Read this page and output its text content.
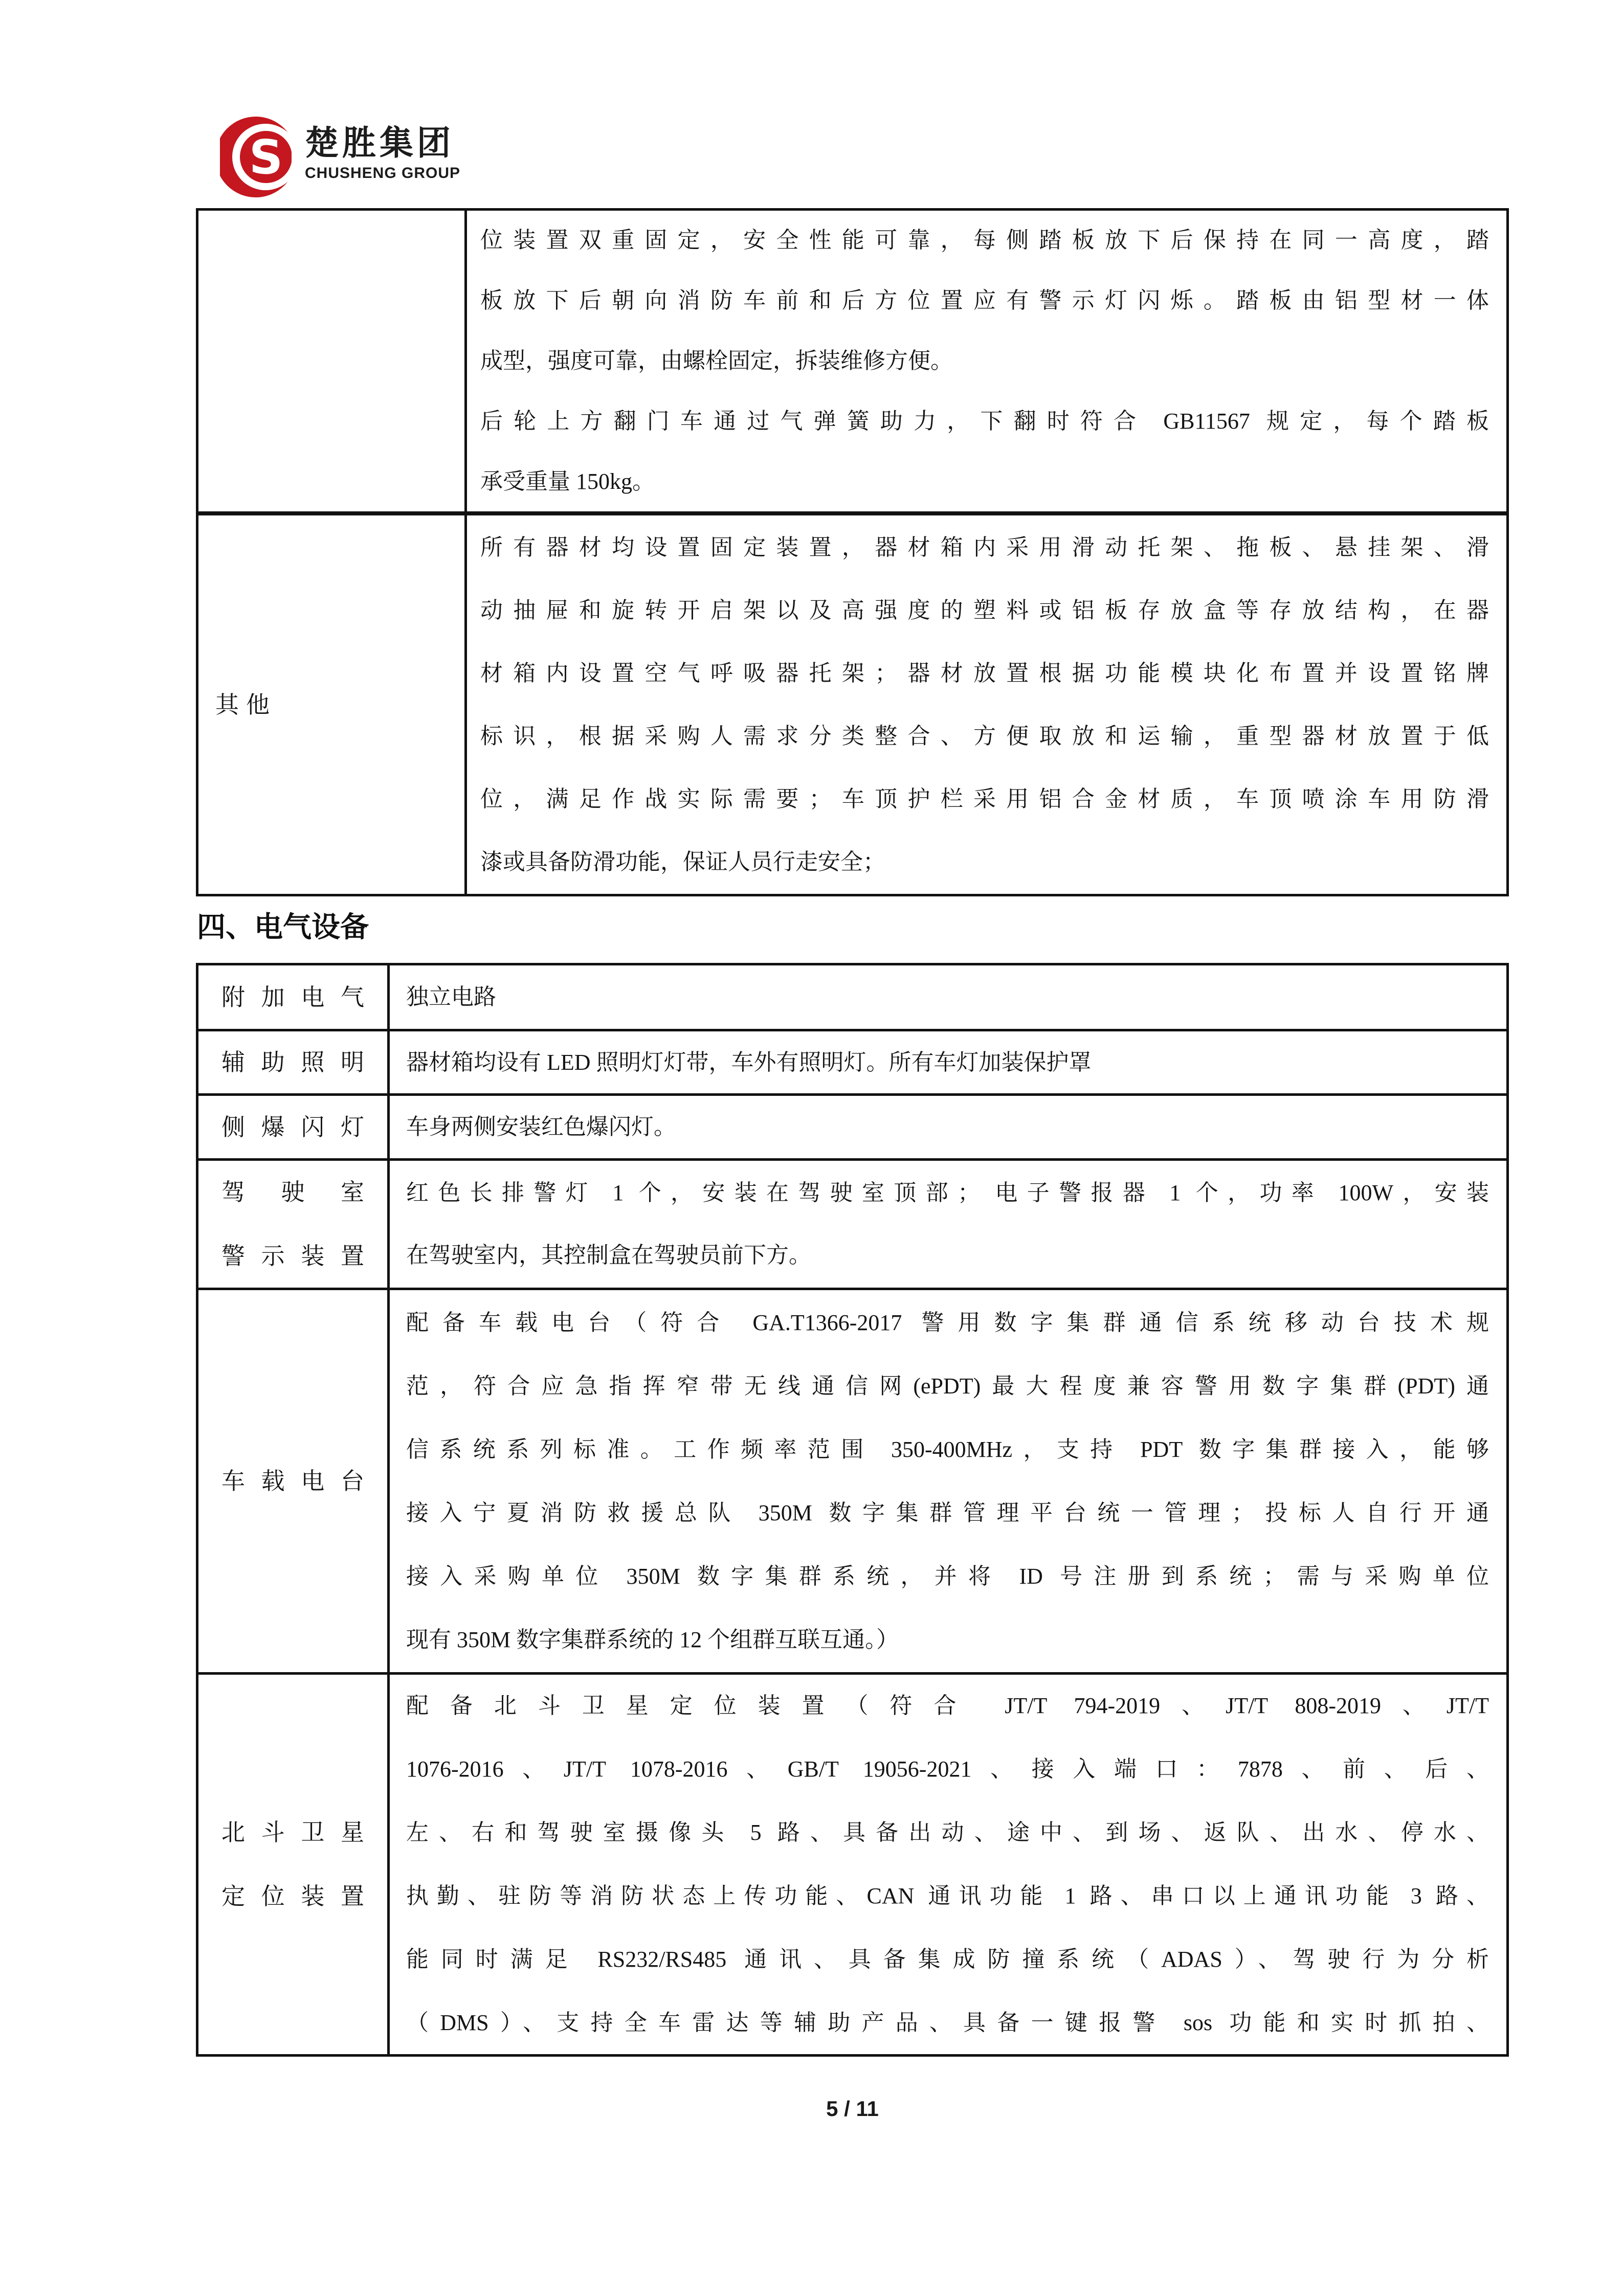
S 楚胜集团
CHUSHENG GROUP
位装置双重固定，安全性能可靠，每侧踏板放下后保持在同一高度，踏
板放下后朝向消防车前和后方位置应有警示灯闪烁。踏板由铝型材一体
成型，强度可靠，由螺栓固定，拆装维修方便。
后轮上方翻门车通过气弹簧助力，下翻时符合 GB11567 规定，每个踏板
承受重量 150kg。
其他
所有器材均设置固定装置，器材箱内采用滑动托架、拖板、悬挂架、滑
动抽屉和旋转开启架以及高强度的塑料或铝板存放盒等存放结构，在器
材箱内设置空气呼吸器托架；器材放置根据功能模块化布置并设置铭牌
标识，根据采购人需求分类整合、方便取放和运输，重型器材放置于低
位，满足作战实际需要；车顶护栏采用铝合金材质，车顶喷涂车用防滑
漆或具备防滑功能，保证人员行走安全；
四、电气设备
附 加 电 气 独立电路
辅 助 照 明 器材箱均设有 LED 照明灯灯带，车外有照明灯。所有车灯加装保护罩
侧 爆 闪 灯 车身两侧安装红色爆闪灯。
驾 驶 室
警 示 装 置
红色长排警灯 1 个，安装在驾驶室顶部； 电子警报器 1 个，功率 100W，安装
在驾驶室内，其控制盒在驾驶员前下方。
车 载 电 台
配备车载电台（符合 GA.T1366-2017 警用数字集群通信系统移动台技术规
范，符合应急指挥窄带无线通信网(ePDT)最大程度兼容警用数字集群(PDT)通
信系统系列标准。工作频率范围 350-400MHz，支持 PDT 数字集群接入，能够
接入宁夏消防救援总队 350M 数字集群管理平台统一管理；投标人自行开通
接入采购单位 350M 数字集群系统，并将 ID 号注册到系统；需与采购单位
现有 350M 数字集群系统的 12 个组群互联互通。）
北 斗 卫 星
定 位 装 置
配备北斗卫星定位装置（符合 JT/T 794-2019、JT/T 808-2019、JT/T
1076-2016、JT/T 1078-2016、GB/T 19056-2021、接入端口：7878、前、后、
左、右和驾驶室摄像头 5 路、具备出动、途中、到场、返队、出水、停水、
执勤、驻防等消防状态上传功能、CAN 通讯功能 1 路、串口以上通讯功能 3 路、
能同时满足 RS232/RS485 通讯、具备集成防撞系统（ADAS）、驾驶行为分析
（DMS）、支持全车雷达等辅助产品、具备一键报警 sos 功能和实时抓拍、
5 / 11
